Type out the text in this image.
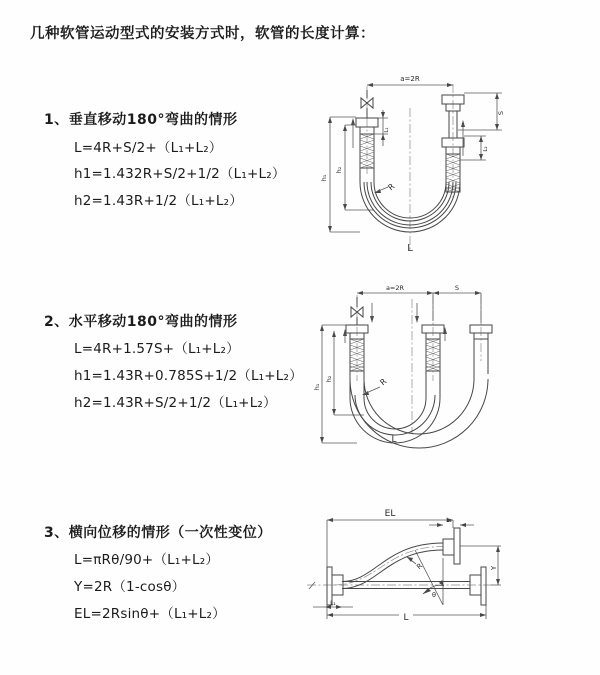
几种软管运动型式的安装方式时，软管的长度计算：
1、垂直移动180°弯曲的情形
L=4R+S/2+（L₁+L₂）
h1=1.432R+S/2+1/2（L₁+L₂）
h2=1.43R+1/2（L₁+L₂）
2、水平移动180°弯曲的情形
L=4R+1.57S+（L₁+L₂）
h1=1.43R+0.785S+1/2（L₁+L₂）
h2=1.43R+S/2+1/2（L₁+L₂）
3、横向位移的情形（一次性变位）
L=πRθ/90+（L₁+L₂）
Y=2R（1-cosθ）
EL=2Rsinθ+（L₁+L₂）
a=2R
h₁
h₂
L₁
S
L₂
R
L
a=2R	S
h₁
h₂	R
L
EL
L₂
L₁
L
Y
R
θ
